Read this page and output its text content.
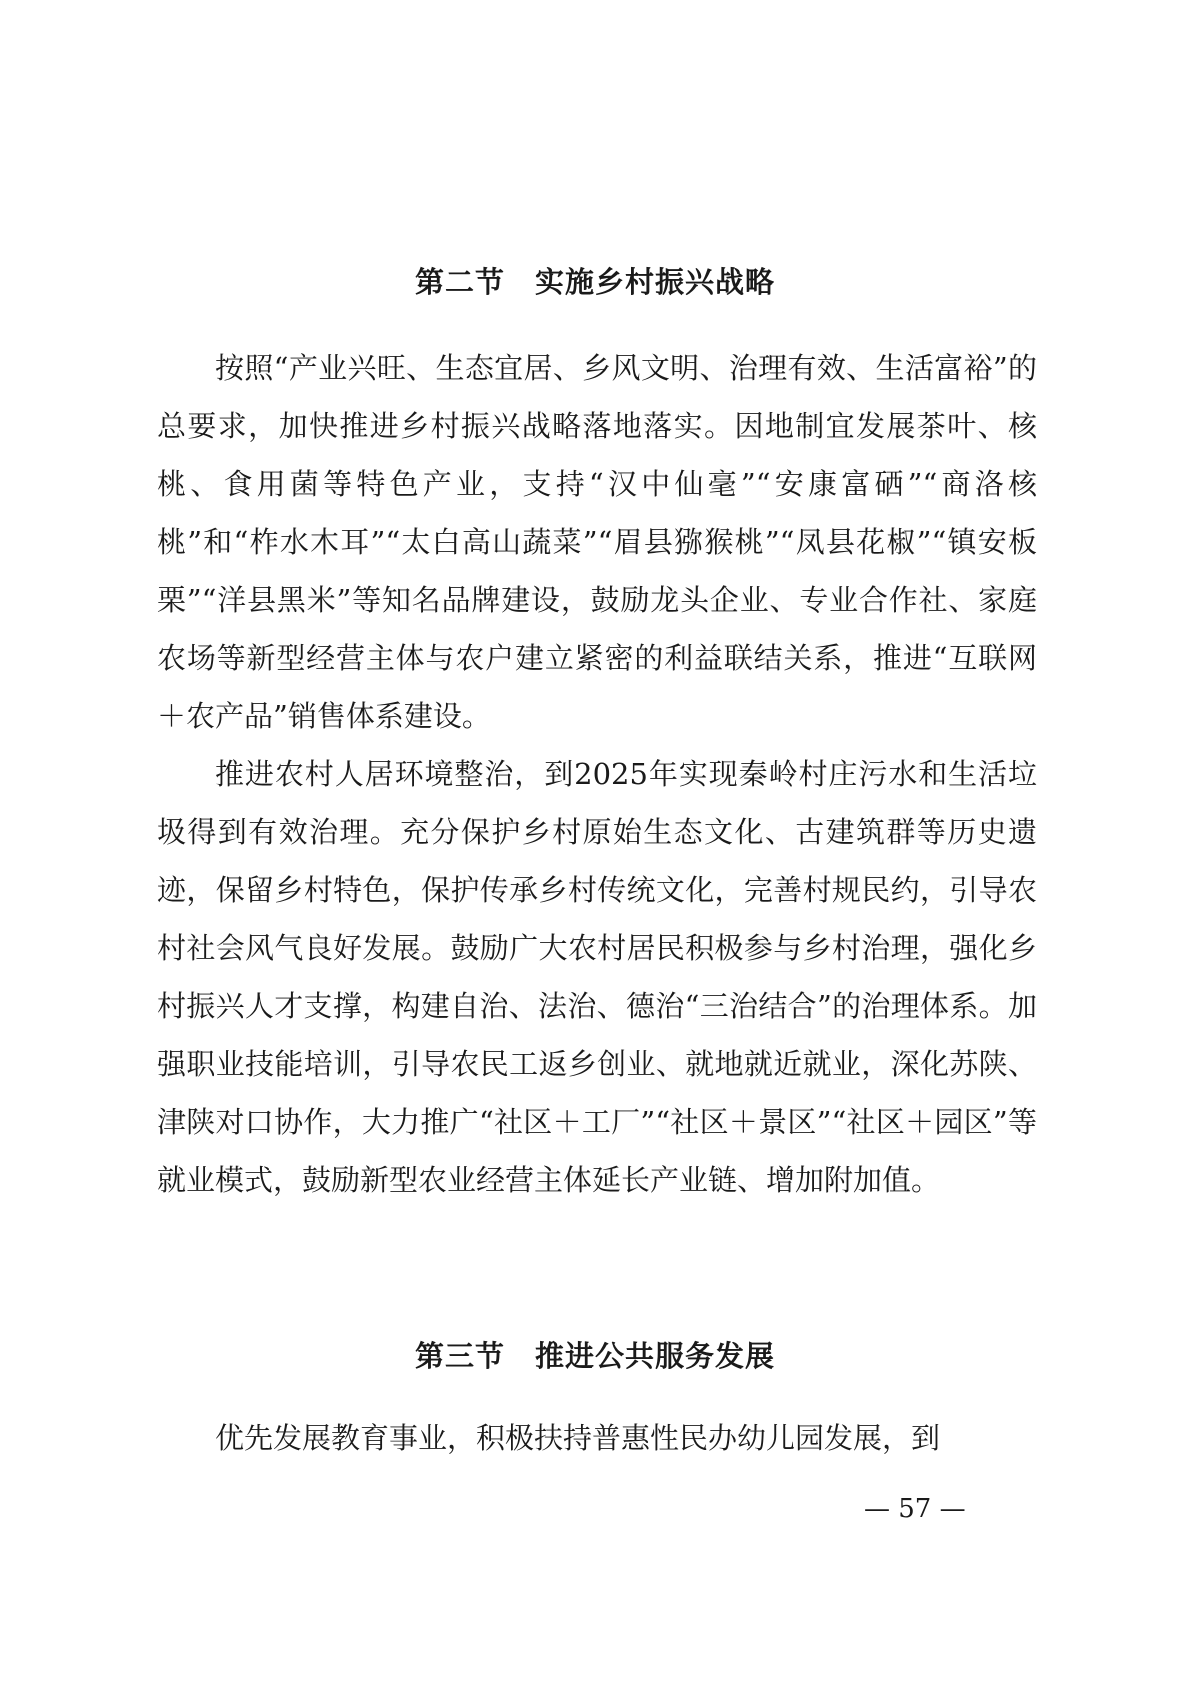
第二节　实施乡村振兴战略

按照“产业兴旺、生态宜居、乡风文明、治理有效、生活富裕”的总要求，加快推进乡村振兴战略落地落实。因地制宜发展茶叶、核桃、食用菌等特色产业，支持“汉中仙毫”“安康富硒”“商洛核桃”和“柞水木耳”“太白高山蔬菜”“眉县猕猴桃”“凤县花椒”“镇安板栗”“洋县黑米”等知名品牌建设，鼓励龙头企业、专业合作社、家庭农场等新型经营主体与农户建立紧密的利益联结关系，推进“互联网＋农产品”销售体系建设。

推进农村人居环境整治，到2025年实现秦岭村庄污水和生活垃圾得到有效治理。充分保护乡村原始生态文化、古建筑群等历史遗迹，保留乡村特色，保护传承乡村传统文化，完善村规民约，引导农村社会风气良好发展。鼓励广大农村居民积极参与乡村治理，强化乡村振兴人才支撑，构建自治、法治、德治“三治结合”的治理体系。加强职业技能培训，引导农民工返乡创业、就地就近就业，深化苏陕、津陕对口协作，大力推广“社区＋工厂”“社区＋景区”“社区＋园区”等就业模式，鼓励新型农业经营主体延长产业链、增加附加值。

第三节　推进公共服务发展

优先发展教育事业，积极扶持普惠性民办幼儿园发展，到

— 57 —
